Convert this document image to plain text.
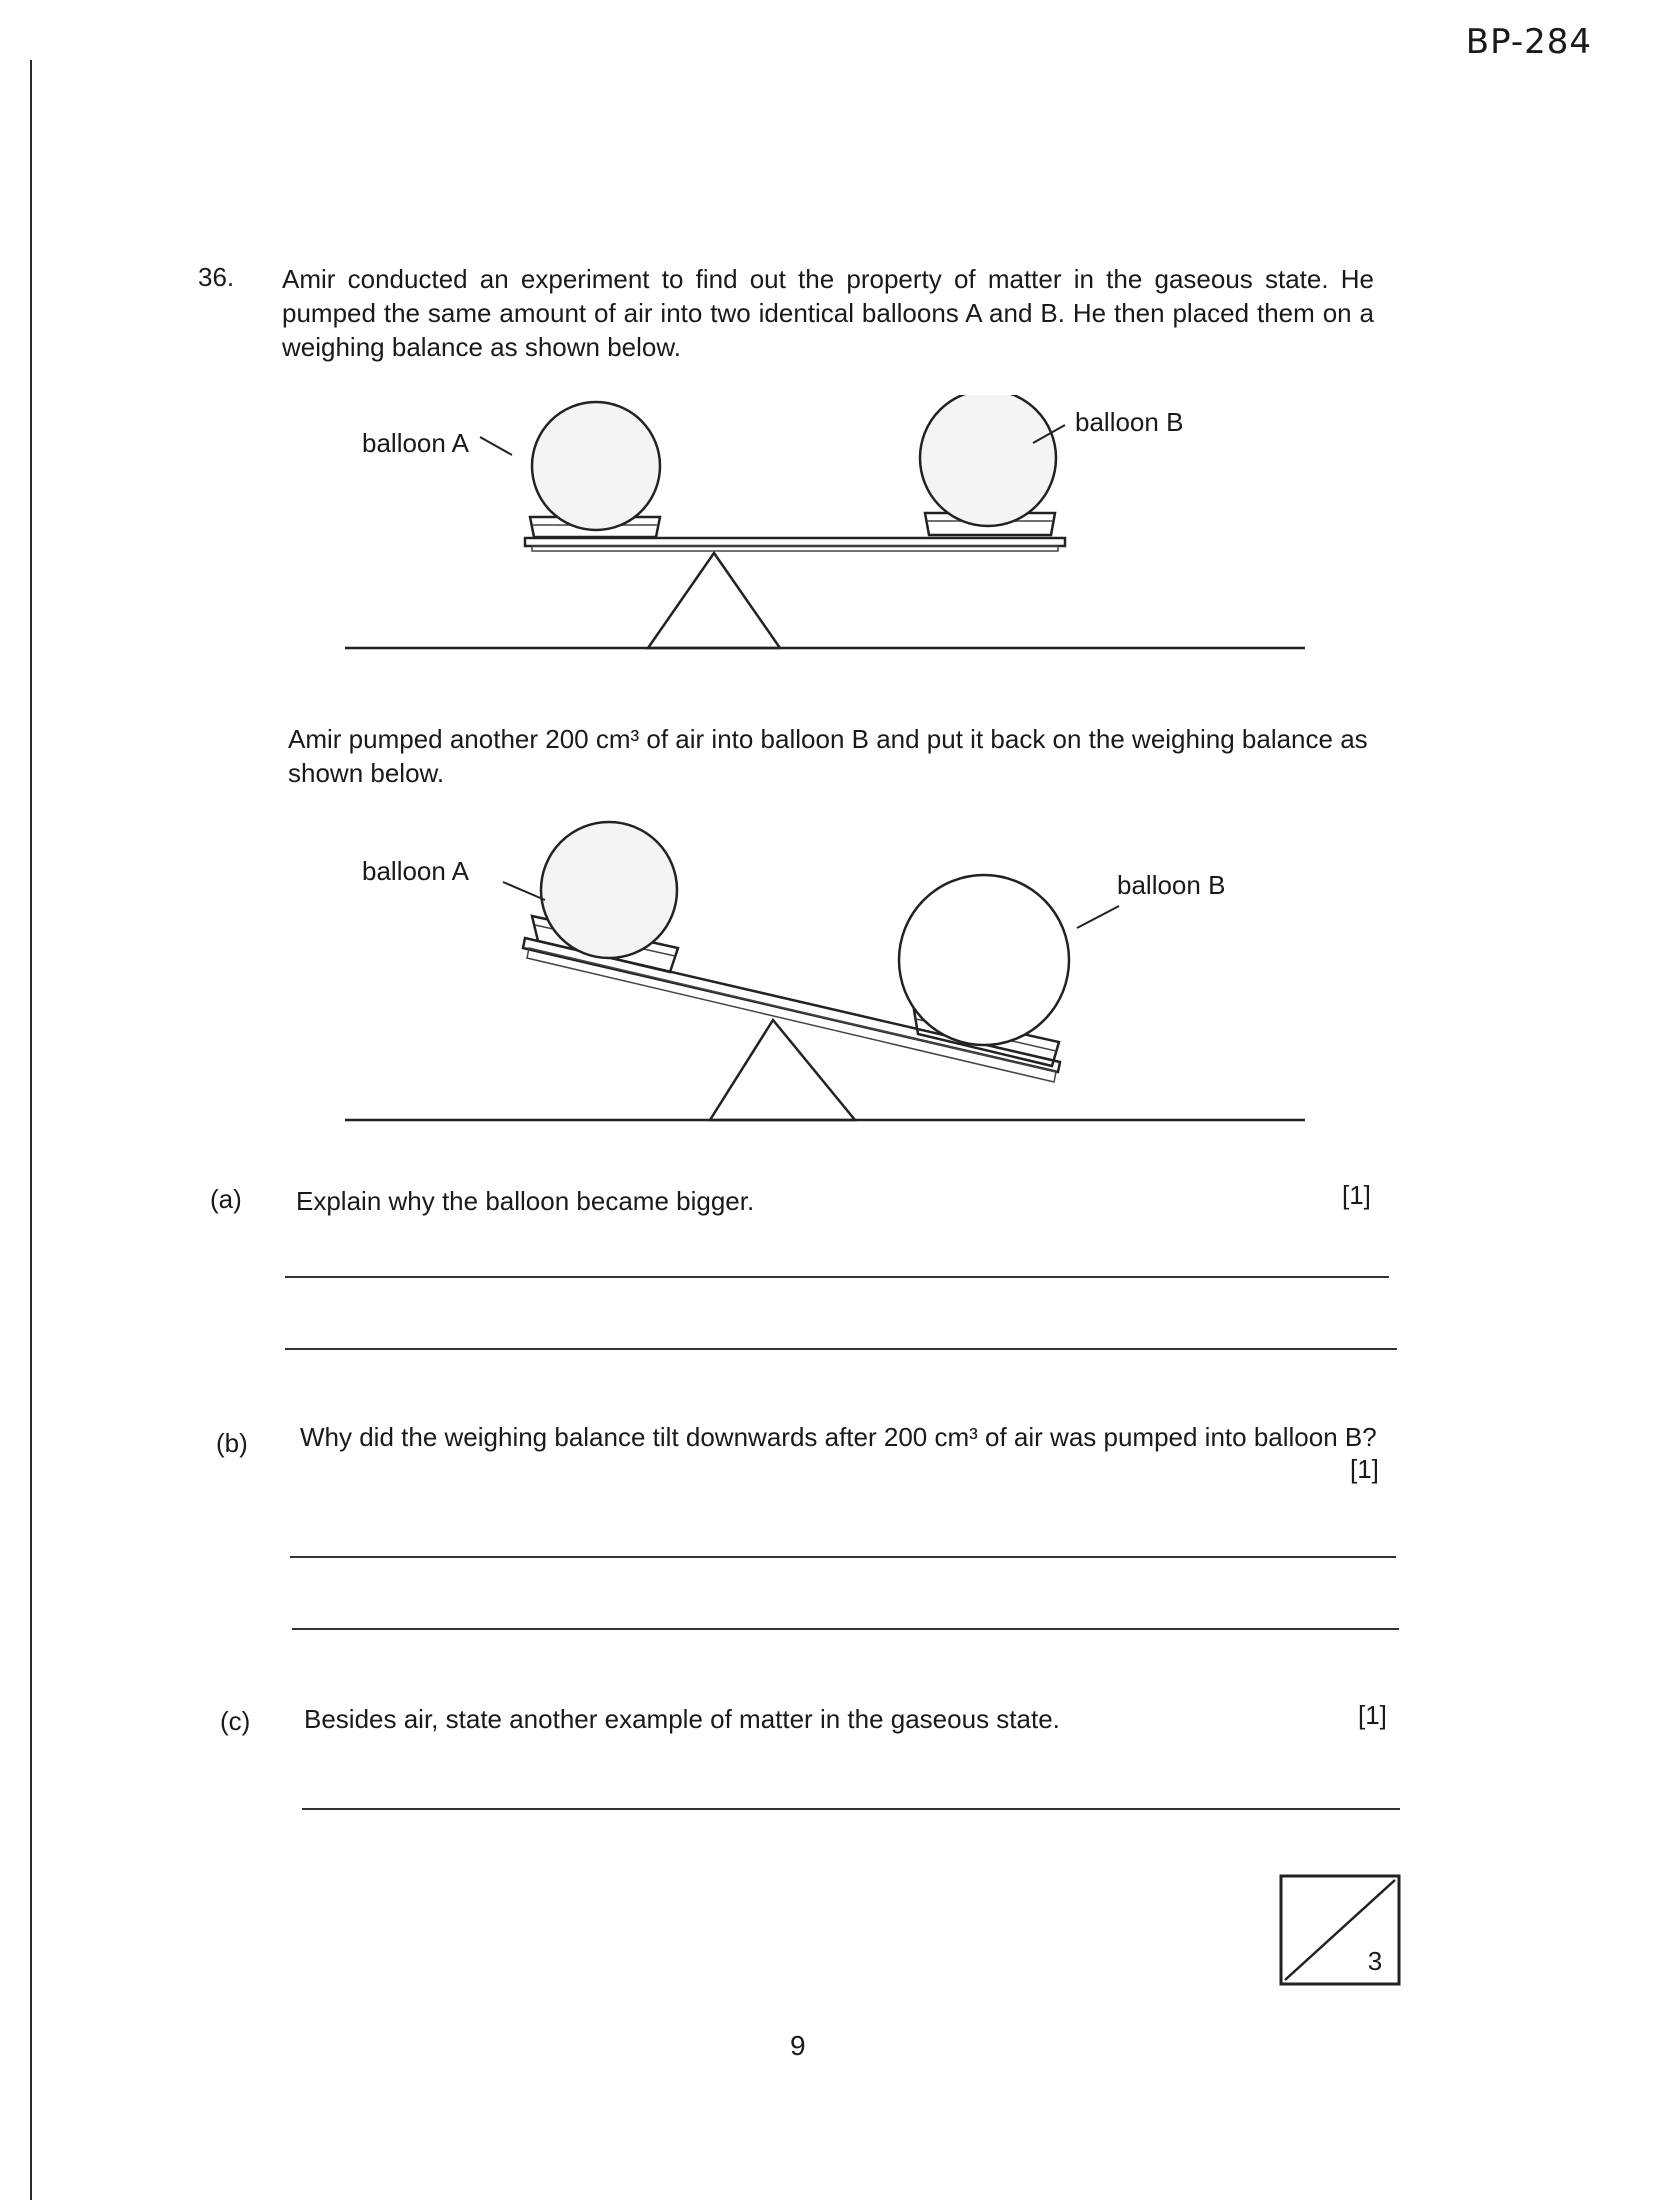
BP-284
36. Amir conducted an experiment to find out the property of matter in the gaseous state. He pumped the same amount of air into two identical balloons A and B. He then placed them on a weighing balance as shown below.
balloon A
balloon B
Amir pumped another 200 cm³ of air into balloon B and put it back on the weighing balance as shown below.
balloon A	balloon B
(a) Explain why the balloon became bigger.	[1]
(b) Why did the weighing balance tilt downwards after 200 cm³ of air was pumped into balloon B?
[1]
(c) Besides air, state another example of matter in the gaseous state.	[1]
3
9
